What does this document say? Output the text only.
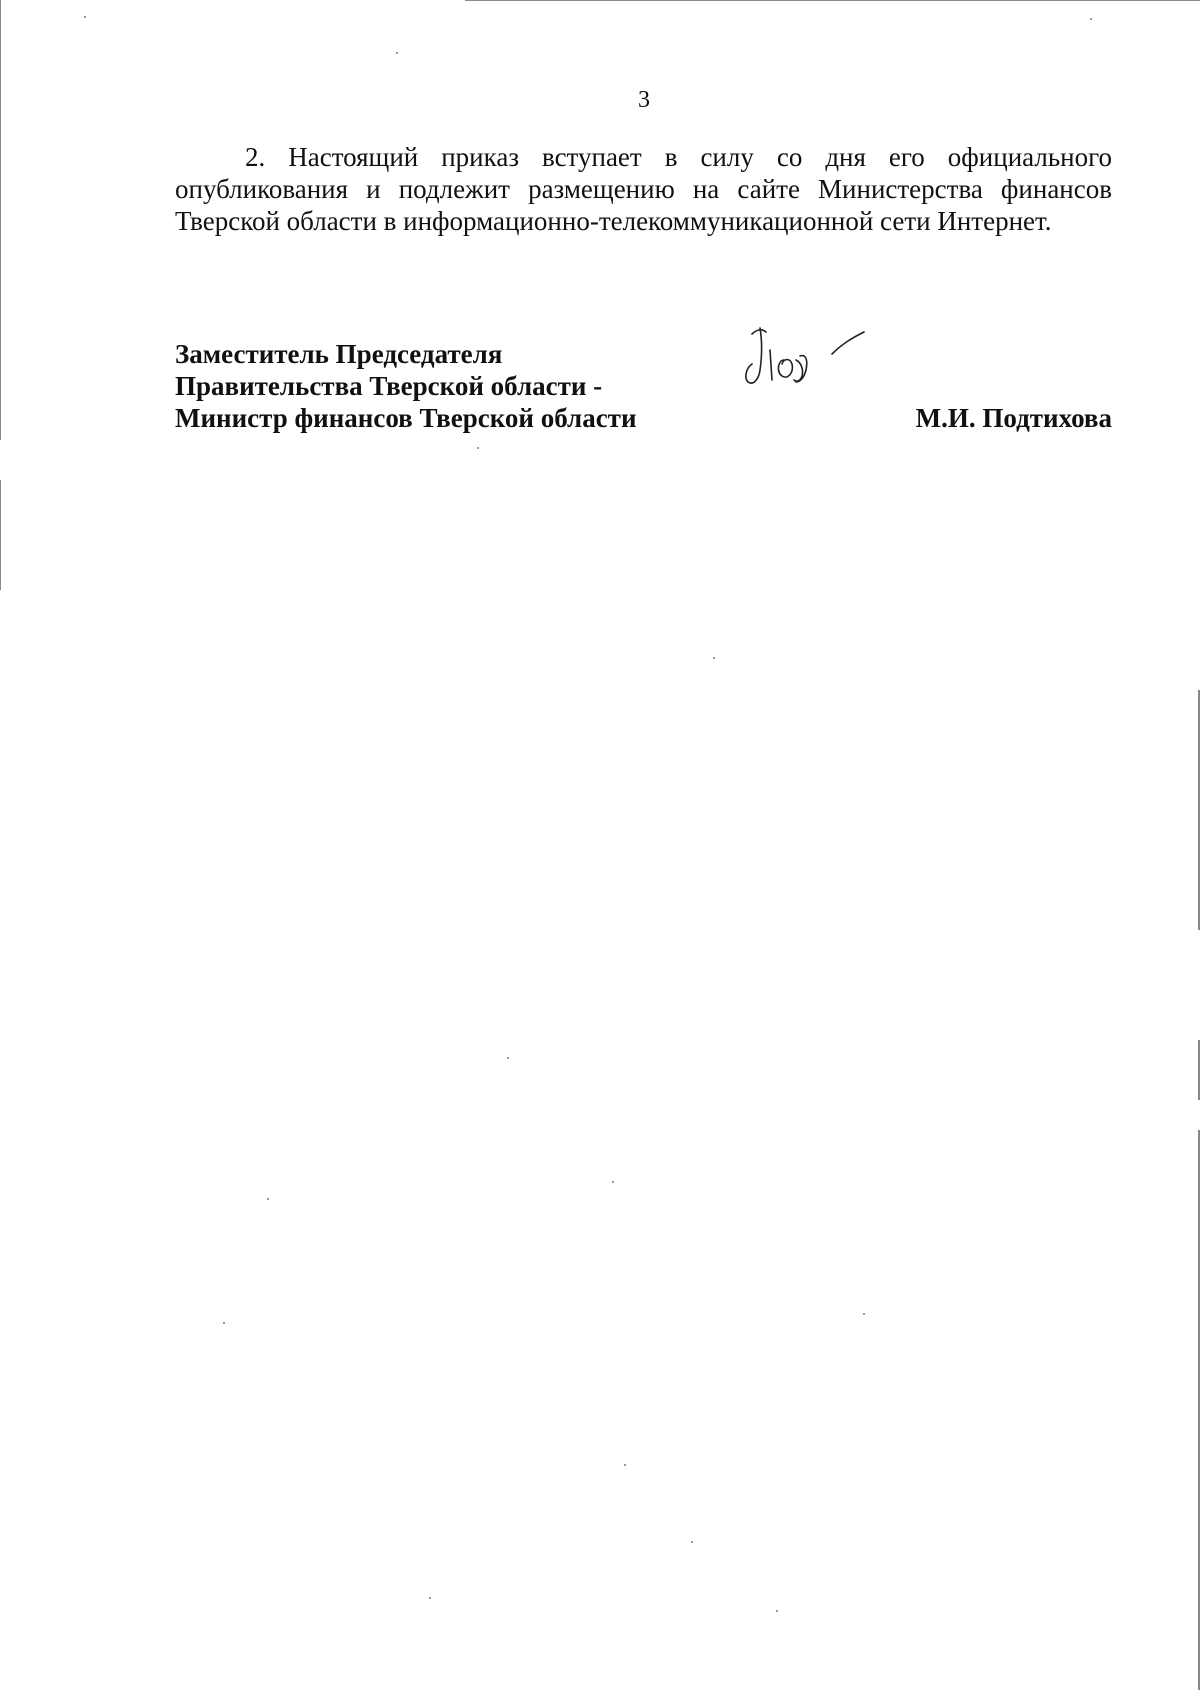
3

2. Настоящий приказ вступает в силу со дня его официального опубликования и подлежит размещению на сайте Министерства финансов Тверской области в информационно-телекоммуникационной сети Интернет.

Заместитель Председателя
Правительства Тверской области -
Министр финансов Тверской области	М.И. Подтихова
